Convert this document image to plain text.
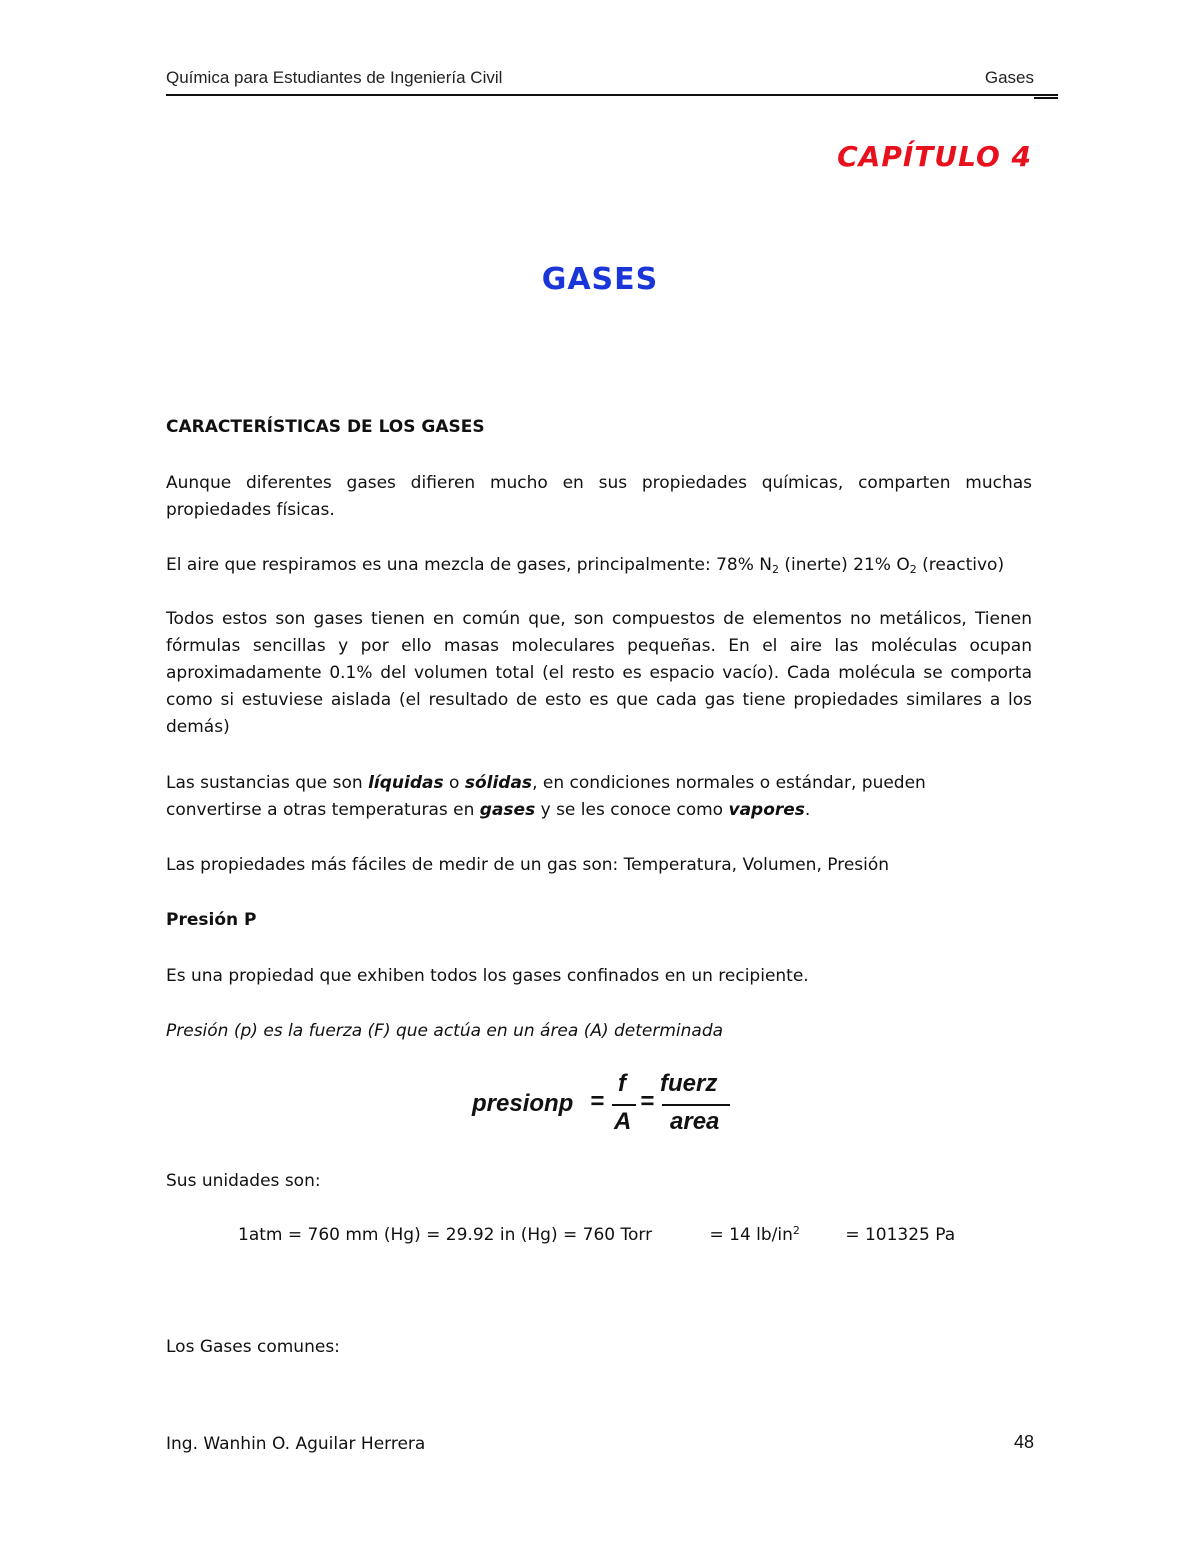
Química para Estudiantes de Ingeniería Civil	Gases
CAPÍTULO 4
GASES
CARACTERÍSTICAS DE LOS GASES
Aunque diferentes gases difieren mucho en sus propiedades químicas, comparten muchas propiedades físicas.
El aire que respiramos es una mezcla de gases, principalmente: 78% $N_2$ (inerte) 21% $O_2$ (reactivo)
Todos estos son gases tienen en común que, son compuestos de elementos no metálicos, Tienen fórmulas sencillas y por ello masas moleculares pequeñas. En el aire las moléculas ocupan aproximadamente 0.1% del volumen total (el resto es espacio vacío). Cada molécula se comporta como si estuviese aislada (el resultado de esto es que cada gas tiene propiedades similares a los demás)
Las sustancias que son líquidas o sólidas, en condiciones normales o estándar, pueden
convertirse a otras temperaturas en gases y se les conoce como vapores.
Las propiedades más fáciles de medir de un gas son: Temperatura, Volumen, Presión
Presión P
Es una propiedad que exhiben todos los gases confinados en un recipiente.
Presión (p) es la fuerza (F) que actúa en un área (A) determinada
presionp =
f
A
=
fuerz
area
Sus unidades son:
1atm = 760 mm (Hg) = 29.92 in (Hg) = 760 Torr	= 14 $lb/in^2$	= 101325 Pa
Los Gases comunes:
Ing. Wanhin O. Aguilar Herrera	48
